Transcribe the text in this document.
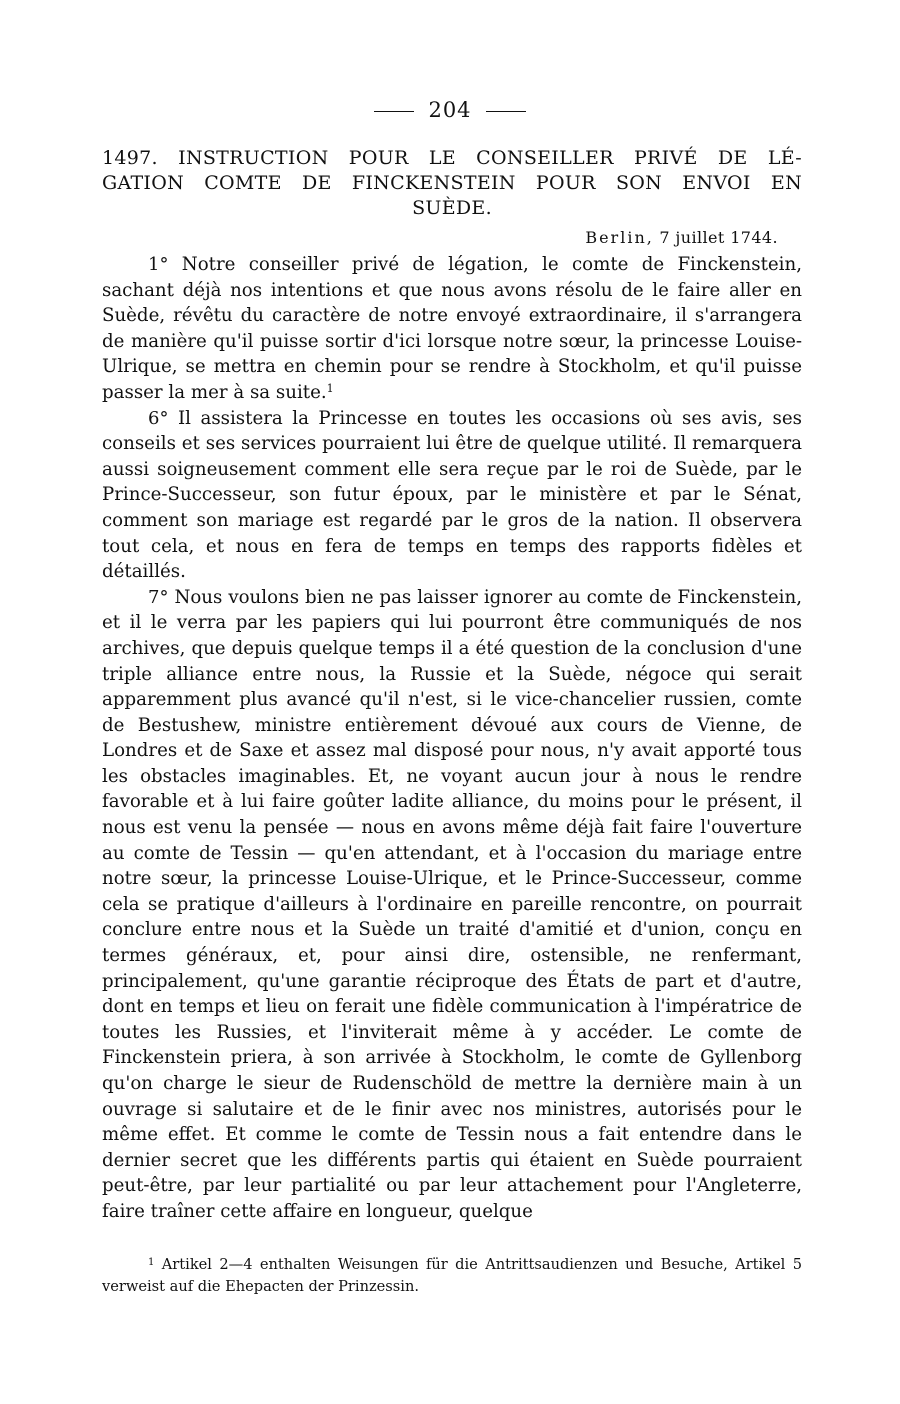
204
1497. INSTRUCTION POUR LE CONSEILLER PRIVÉ DE LÉ-
GATION COMTE DE FINCKENSTEIN POUR SON ENVOI EN
SUÈDE.
Berlin, 7 juillet 1744.

1° Notre conseiller privé de légation, le comte de Finckenstein, sachant déjà nos intentions et que nous avons résolu de le faire aller en Suède, révêtu du caractère de notre envoyé extraordinaire, il s'arrangera de manière qu'il puisse sortir d'ici lorsque notre sœur, la princesse Louise-Ulrique, se mettra en chemin pour se rendre à Stockholm, et qu'il puisse passer la mer à sa suite.$^1$

6° Il assistera la Princesse en toutes les occasions où ses avis, ses conseils et ses services pourraient lui être de quelque utilité. Il remarquera aussi soigneusement comment elle sera reçue par le roi de Suède, par le Prince-Successeur, son futur époux, par le ministère et par le Sénat, comment son mariage est regardé par le gros de la nation. Il observera tout cela, et nous en fera de temps en temps des rapports fidèles et détaillés.

7° Nous voulons bien ne pas laisser ignorer au comte de Finckenstein, et il le verra par les papiers qui lui pourront être communiqués de nos archives, que depuis quelque temps il a été question de la conclusion d'une triple alliance entre nous, la Russie et la Suède, négoce qui serait apparemment plus avancé qu'il n'est, si le vice-chancelier russien, comte de Bestushew, ministre entièrement dévoué aux cours de Vienne, de Londres et de Saxe et assez mal disposé pour nous, n'y avait apporté tous les obstacles imaginables. Et, ne voyant aucun jour à nous le rendre favorable et à lui faire goûter ladite alliance, du moins pour le présent, il nous est venu la pensée — nous en avons même déjà fait faire l'ouverture au comte de Tessin — qu'en attendant, et à l'occasion du mariage entre notre sœur, la princesse Louise-Ulrique, et le Prince-Successeur, comme cela se pratique d'ailleurs à l'ordinaire en pareille rencontre, on pourrait conclure entre nous et la Suède un traité d'amitié et d'union, conçu en termes généraux, et, pour ainsi dire, ostensible, ne renfermant, principalement, qu'une garantie réciproque des États de part et d'autre, dont en temps et lieu on ferait une fidèle communication à l'impératrice de toutes les Russies, et l'inviterait même à y accéder. Le comte de Finckenstein priera, à son arrivée à Stockholm, le comte de Gyllenborg qu'on charge le sieur de Rudenschöld de mettre la dernière main à un ouvrage si salutaire et de le finir avec nos ministres, autorisés pour le même effet. Et comme le comte de Tessin nous a fait entendre dans le dernier secret que les différents partis qui étaient en Suède pourraient peut-être, par leur partialité ou par leur attachement pour l'Angleterre, faire traîner cette affaire en longueur, quelque

$^1$ Artikel 2—4 enthalten Weisungen für die Antrittsaudienzen und Besuche, Artikel 5 verweist auf die Ehepacten der Prinzessin.
